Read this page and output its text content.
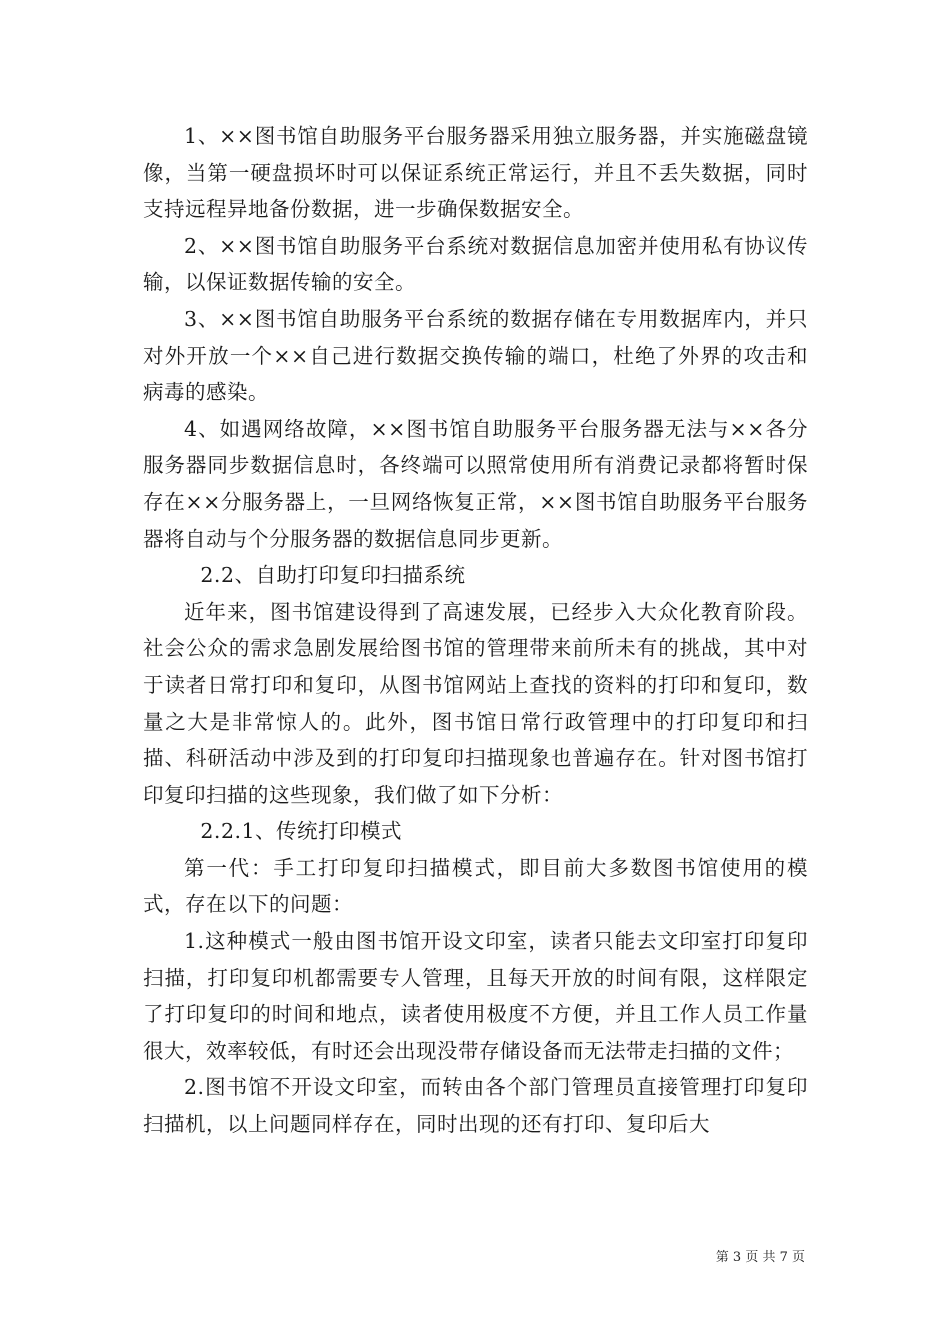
1、××图书馆自助服务平台服务器采用独立服务器，并实施磁盘镜像，当第一硬盘损坏时可以保证系统正常运行，并且不丢失数据，同时支持远程异地备份数据，进一步确保数据安全。

2、××图书馆自助服务平台系统对数据信息加密并使用私有协议传输，以保证数据传输的安全。

3、××图书馆自助服务平台系统的数据存储在专用数据库内，并只对外开放一个××自己进行数据交换传输的端口，杜绝了外界的攻击和病毒的感染。

4、如遇网络故障，××图书馆自助服务平台服务器无法与××各分服务器同步数据信息时，各终端可以照常使用所有消费记录都将暂时保存在××分服务器上，一旦网络恢复正常，××图书馆自助服务平台服务器将自动与个分服务器的数据信息同步更新。

2.2、自助打印复印扫描系统

近年来，图书馆建设得到了高速发展，已经步入大众化教育阶段。社会公众的需求急剧发展给图书馆的管理带来前所未有的挑战，其中对于读者日常打印和复印，从图书馆网站上查找的资料的打印和复印，数量之大是非常惊人的。此外，图书馆日常行政管理中的打印复印和扫描、科研活动中涉及到的打印复印扫描现象也普遍存在。针对图书馆打印复印扫描的这些现象，我们做了如下分析：

2.2.1、传统打印模式

第一代：手工打印复印扫描模式，即目前大多数图书馆使用的模式，存在以下的问题：

1.这种模式一般由图书馆开设文印室，读者只能去文印室打印复印扫描，打印复印机都需要专人管理，且每天开放的时间有限，这样限定了打印复印的时间和地点，读者使用极度不方便，并且工作人员工作量很大，效率较低，有时还会出现没带存储设备而无法带走扫描的文件；

2.图书馆不开设文印室，而转由各个部门管理员直接管理打印复印扫描机，以上问题同样存在，同时出现的还有打印、复印后大

第 3 页 共 7 页
